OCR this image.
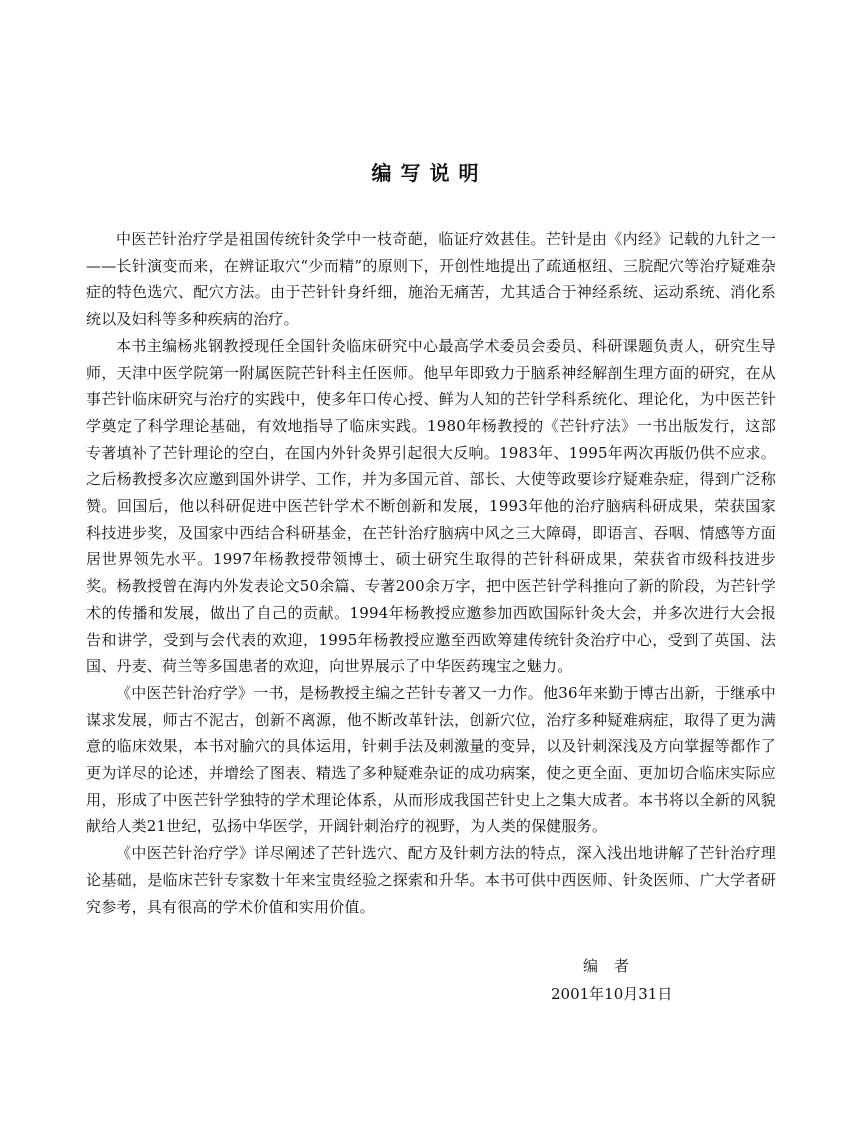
编写说明

中医芒针治疗学是祖国传统针灸学中一枝奇葩，临证疗效甚佳。芒针是由《内经》记载的九针之一——长针演变而来，在辨证取穴“少而精”的原则下，开创性地提出了疏通枢纽、三脘配穴等治疗疑难杂症的特色选穴、配穴方法。由于芒针针身纤细，施治无痛苦，尤其适合于神经系统、运动系统、消化系统以及妇科等多种疾病的治疗。

本书主编杨兆钢教授现任全国针灸临床研究中心最高学术委员会委员、科研课题负责人，研究生导师，天津中医学院第一附属医院芒针科主任医师。他早年即致力于脑系神经解剖生理方面的研究，在从事芒针临床研究与治疗的实践中，使多年口传心授、鲜为人知的芒针学科系统化、理论化，为中医芒针学奠定了科学理论基础，有效地指导了临床实践。1980年杨教授的《芒针疗法》一书出版发行，这部专著填补了芒针理论的空白，在国内外针灸界引起很大反响。1983年、1995年两次再版仍供不应求。之后杨教授多次应邀到国外讲学、工作，并为多国元首、部长、大使等政要诊疗疑难杂症，得到广泛称赞。回国后，他以科研促进中医芒针学术不断创新和发展，1993年他的治疗脑病科研成果，荣获国家科技进步奖，及国家中西结合科研基金，在芒针治疗脑病中风之三大障碍，即语言、吞咽、情感等方面居世界领先水平。1997年杨教授带领博士、硕士研究生取得的芒针科研成果，荣获省市级科技进步奖。杨教授曾在海内外发表论文50余篇、专著200余万字，把中医芒针学科推向了新的阶段，为芒针学术的传播和发展，做出了自己的贡献。1994年杨教授应邀参加西欧国际针灸大会，并多次进行大会报告和讲学，受到与会代表的欢迎，1995年杨教授应邀至西欧筹建传统针灸治疗中心，受到了英国、法国、丹麦、荷兰等多国患者的欢迎，向世界展示了中华医药瑰宝之魅力。

《中医芒针治疗学》一书，是杨教授主编之芒针专著又一力作。他36年来勤于博古出新，于继承中谋求发展，师古不泥古，创新不离源，他不断改革针法，创新穴位，治疗多种疑难病症，取得了更为满意的临床效果，本书对腧穴的具体运用，针刺手法及刺激量的变异，以及针刺深浅及方向掌握等都作了更为详尽的论述，并增绘了图表、精选了多种疑难杂证的成功病案，使之更全面、更加切合临床实际应用，形成了中医芒针学独特的学术理论体系，从而形成我国芒针史上之集大成者。本书将以全新的风貌献给人类21世纪，弘扬中华医学，开阔针刺治疗的视野，为人类的保健服务。

《中医芒针治疗学》详尽阐述了芒针选穴、配方及针刺方法的特点，深入浅出地讲解了芒针治疗理论基础，是临床芒针专家数十年来宝贵经验之探索和升华。本书可供中西医师、针灸医师、广大学者研究参考，具有很高的学术价值和实用价值。

编者
2001年10月31日
